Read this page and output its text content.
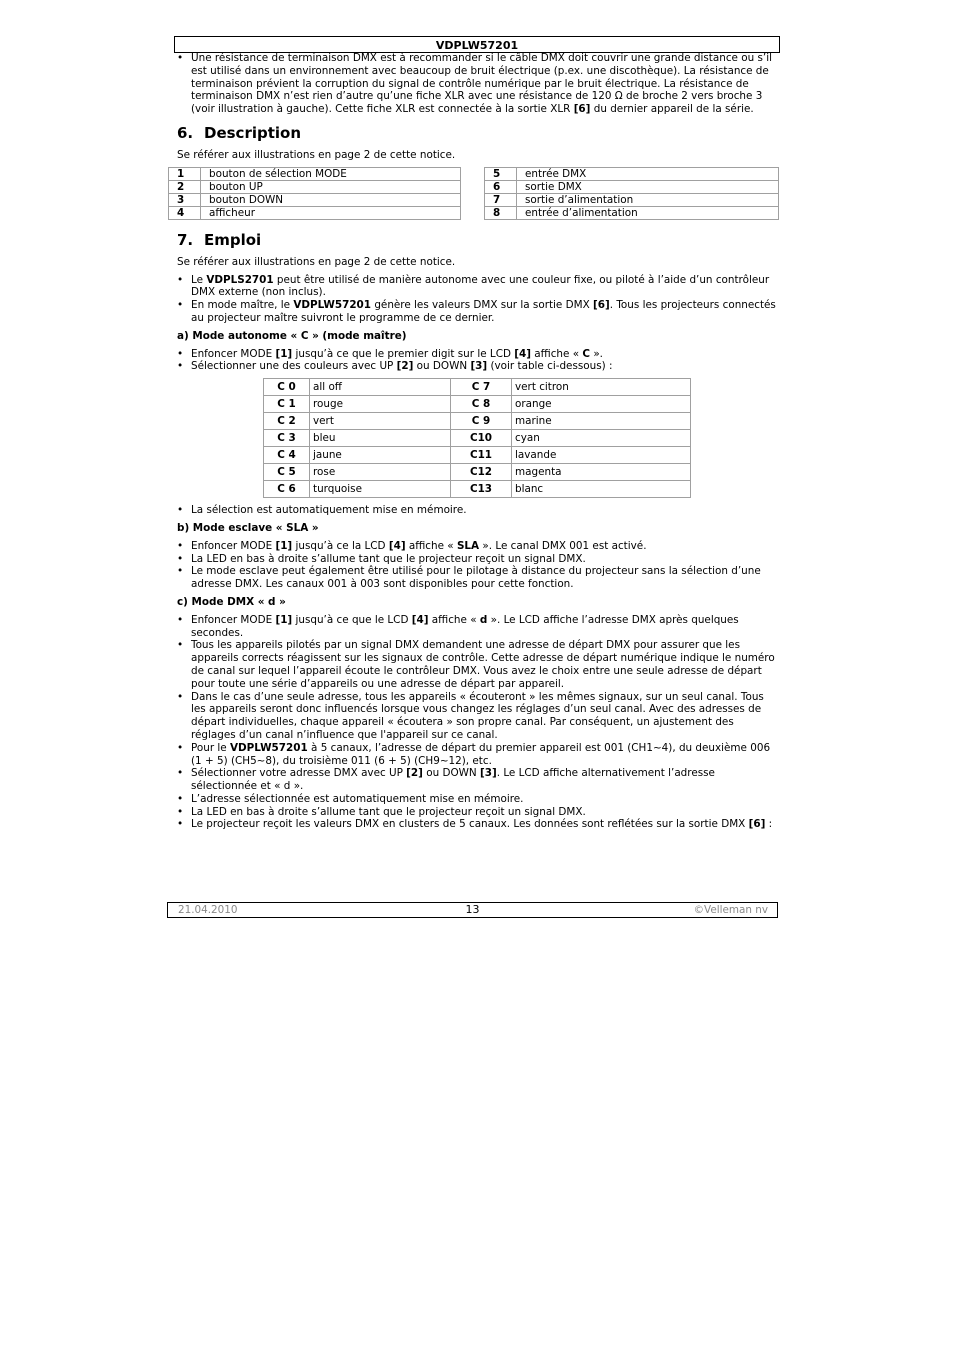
VDPLW57201
• Une résistance de terminaison DMX est à recommander si le câble DMX doit couvrir une grande distance ou s’il est utilisé dans un environnement avec beaucoup de bruit électrique (p.ex. une discothèque). La résistance de terminaison prévient la corruption du signal de contrôle numérique par le bruit électrique. La résistance de terminaison DMX n’est rien d’autre qu’une fiche XLR avec une résistance de 120 Ω de broche 2 vers broche 3 (voir illustration à gauche). Cette fiche XLR est connectée à la sortie XLR [6] du dernier appareil de la série.
6. Description

Se référer aux illustrations en page 2 de cette notice.

1	bouton de sélection MODE
2	bouton UP
3	bouton DOWN
4	afficheur
5	entrée DMX
6	sortie DMX
7	sortie d’alimentation
8	entrée d’alimentation
7. Emploi

Se référer aux illustrations en page 2 de cette notice.

• Le VDPLS2701 peut être utilisé de manière autonome avec une couleur fixe, ou piloté à l’aide d’un contrôleur DMX externe (non inclus).
• En mode maître, le VDPLW57201 génère les valeurs DMX sur la sortie DMX [6]. Tous les projecteurs connectés au projecteur maître suivront le programme de ce dernier.
a) Mode autonome « C » (mode maître)
• Enfoncer MODE [1] jusqu’à ce que le premier digit sur le LCD [4] affiche « C ».
• Sélectionner une des couleurs avec UP [2] ou DOWN [3] (voir table ci-dessous) :
C 0	all off	C 7	vert citron
C 1	rouge	C 8	orange
C 2	vert	C 9	marine
C 3	bleu	C10	cyan
C 4	jaune	C11	lavande
C 5	rose	C12	magenta
C 6	turquoise	C13	blanc
• La sélection est automatiquement mise en mémoire.
b) Mode esclave « SLA »
• Enfoncer MODE [1] jusqu’à ce la LCD [4] affiche « SLA ». Le canal DMX 001 est activé.
• La LED en bas à droite s’allume tant que le projecteur reçoit un signal DMX.
• Le mode esclave peut également être utilisé pour le pilotage à distance du projecteur sans la sélection d’une adresse DMX. Les canaux 001 à 003 sont disponibles pour cette fonction.
c) Mode DMX « d »
• Enfoncer MODE [1] jusqu’à ce que le LCD [4] affiche « d ». Le LCD affiche l’adresse DMX après quelques secondes.
• Tous les appareils pilotés par un signal DMX demandent une adresse de départ DMX pour assurer que les appareils corrects réagissent sur les signaux de contrôle. Cette adresse de départ numérique indique le numéro de canal sur lequel l’appareil écoute le contrôleur DMX. Vous avez le choix entre une seule adresse de départ pour toute une série d’appareils ou une adresse de départ par appareil.
• Dans le cas d’une seule adresse, tous les appareils « écouteront » les mêmes signaux, sur un seul canal. Tous les appareils seront donc influencés lorsque vous changez les réglages d’un seul canal. Avec des adresses de départ individuelles, chaque appareil « écoutera » son propre canal. Par conséquent, un ajustement des réglages d’un canal n’influence que l'appareil sur ce canal.
• Pour le VDPLW57201 à 5 canaux, l’adresse de départ du premier appareil est 001 (CH1~4), du deuxième 006 (1 + 5) (CH5~8), du troisième 011 (6 + 5) (CH9~12), etc.
• Sélectionner votre adresse DMX avec UP [2] ou DOWN [3]. Le LCD affiche alternativement l’adresse sélectionnée et « d ».
• L’adresse sélectionnée est automatiquement mise en mémoire.
• La LED en bas à droite s’allume tant que le projecteur reçoit un signal DMX.
• Le projecteur reçoit les valeurs DMX en clusters de 5 canaux. Les données sont reflétées sur la sortie DMX [6] :
21.04.2010	13	©Velleman nv
